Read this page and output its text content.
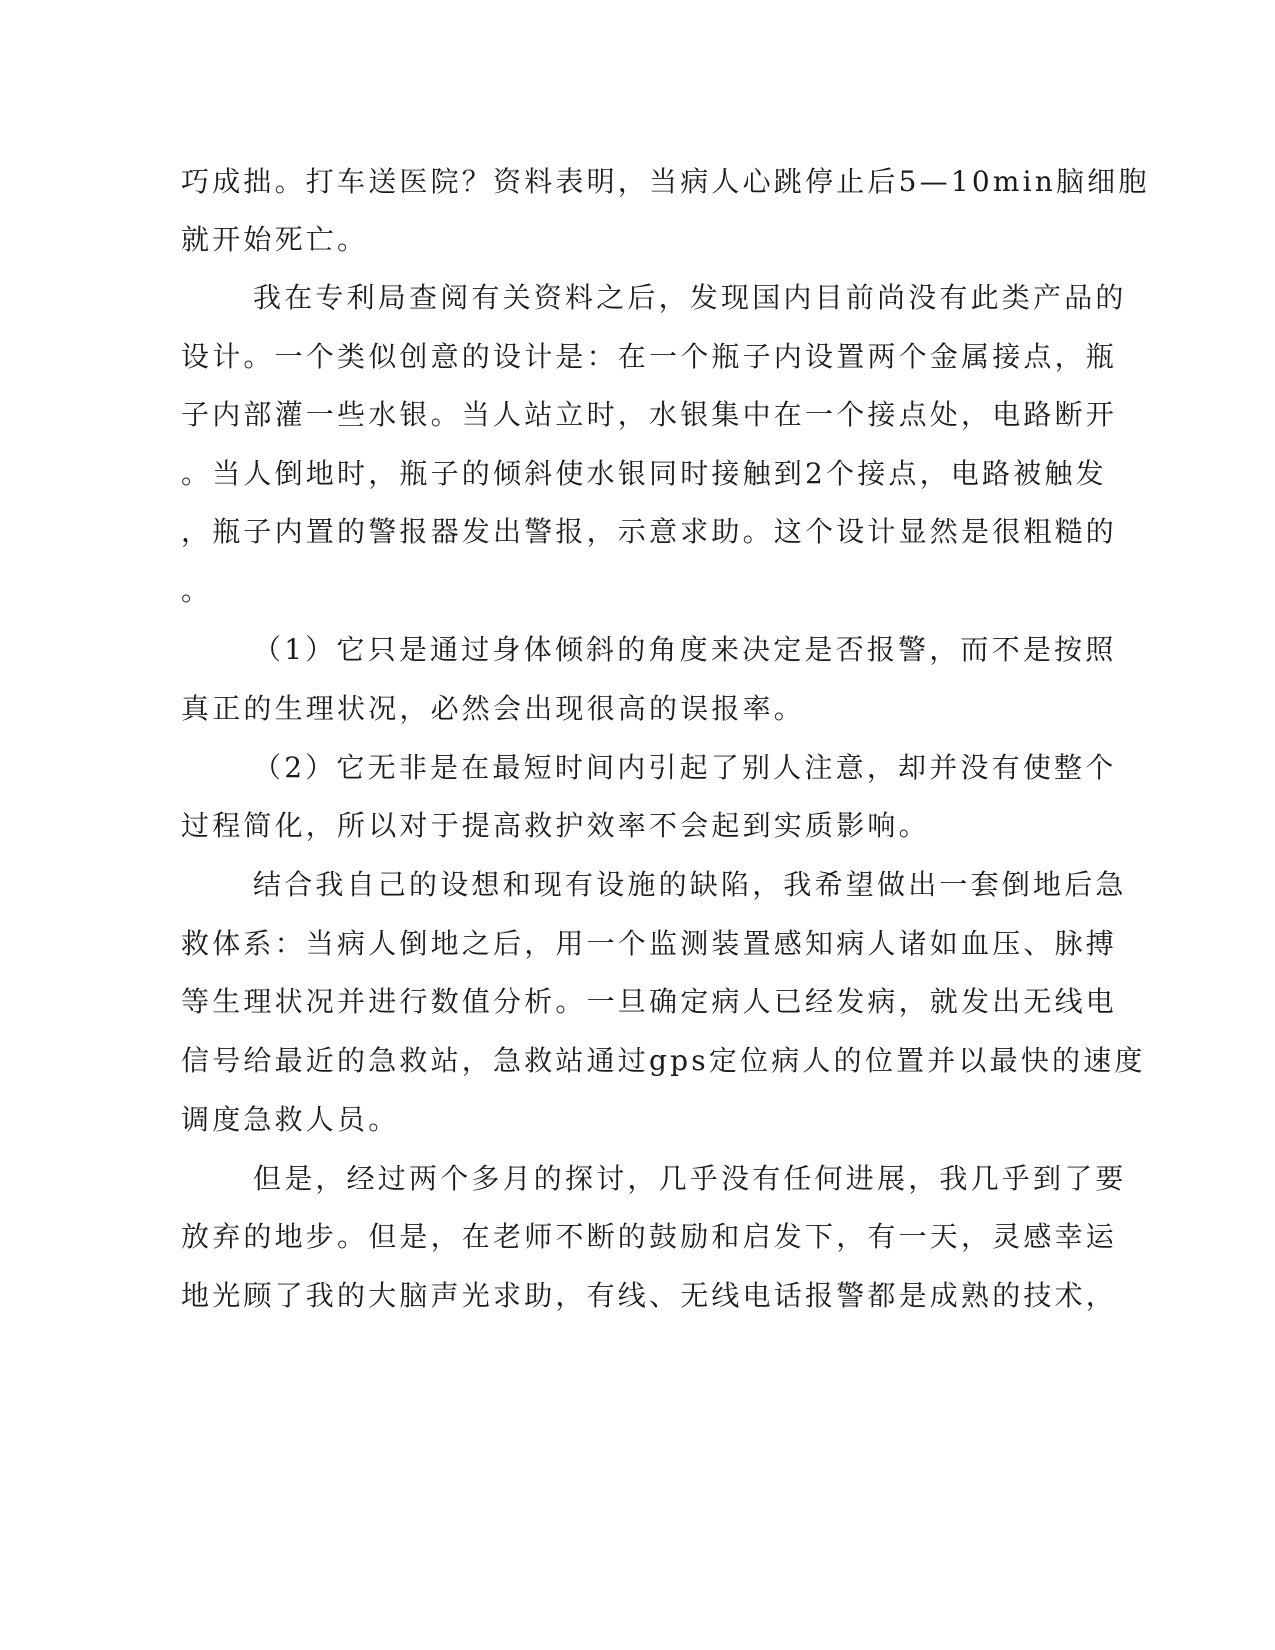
巧成拙。打车送医院？资料表明，当病人心跳停止后5—10min脑细胞
就开始死亡。
我在专利局查阅有关资料之后，发现国内目前尚没有此类产品的
设计。一个类似创意的设计是：在一个瓶子内设置两个金属接点，瓶
子内部灌一些水银。当人站立时，水银集中在一个接点处，电路断开
。当人倒地时，瓶子的倾斜使水银同时接触到2个接点，电路被触发
，瓶子内置的警报器发出警报，示意求助。这个设计显然是很粗糙的
。
（1）它只是通过身体倾斜的角度来决定是否报警，而不是按照
真正的生理状况，必然会出现很高的误报率。
（2）它无非是在最短时间内引起了别人注意，却并没有使整个
过程简化，所以对于提高救护效率不会起到实质影响。
结合我自己的设想和现有设施的缺陷，我希望做出一套倒地后急
救体系：当病人倒地之后，用一个监测装置感知病人诸如血压、脉搏
等生理状况并进行数值分析。一旦确定病人已经发病，就发出无线电
信号给最近的急救站，急救站通过gps定位病人的位置并以最快的速度
调度急救人员。
但是，经过两个多月的探讨，几乎没有任何进展，我几乎到了要
放弃的地步。但是，在老师不断的鼓励和启发下，有一天，灵感幸运
地光顾了我的大脑声光求助，有线、无线电话报警都是成熟的技术，
